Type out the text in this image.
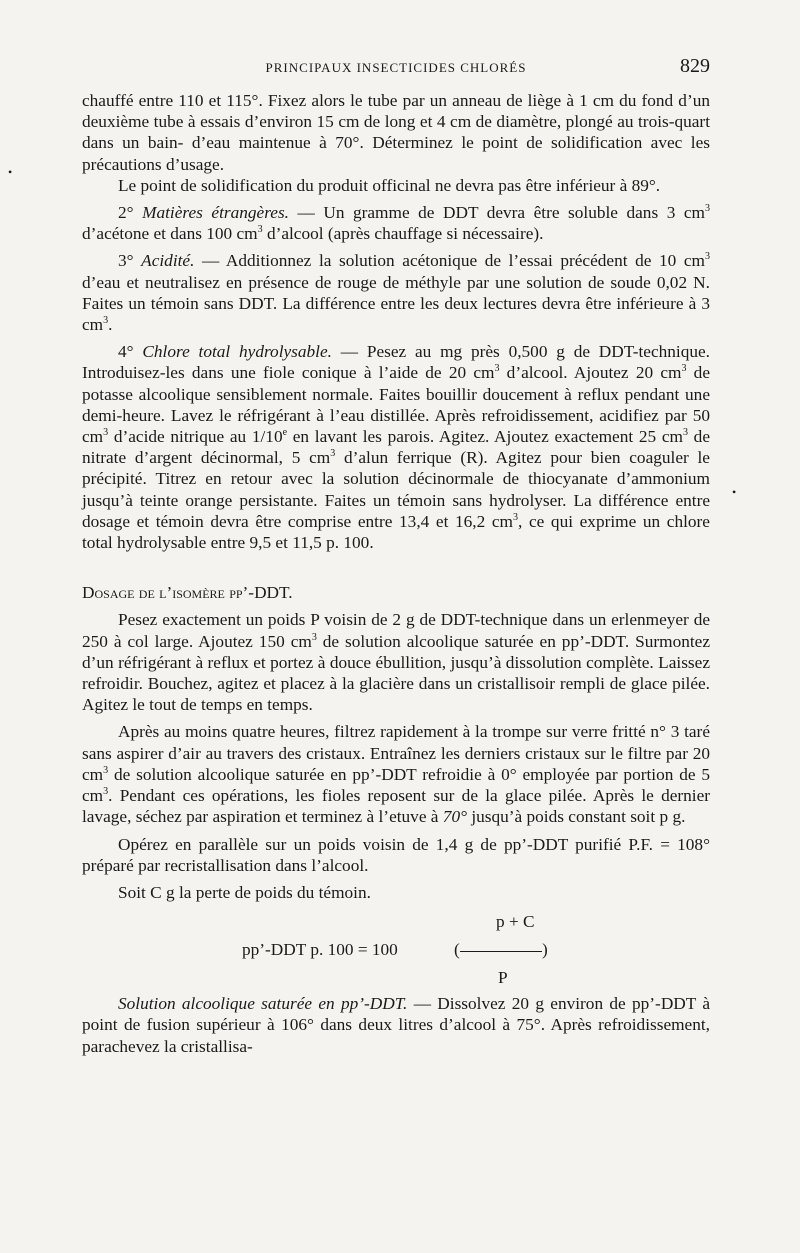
•
•
PRINCIPAUX INSECTICIDES CHLORÉS	829

chauffé entre 110 et 115°. Fixez alors le tube par un anneau de liège à 1 cm du fond d’un deuxième tube à essais d’environ 15 cm de long et 4 cm de diamètre, plongé au trois-quart dans un bain- d’eau maintenue à 70°. Déterminez le point de solidification avec les précautions d’usage.

Le point de solidification du produit officinal ne devra pas être inférieur à 89°.

2° Matières étrangères. — Un gramme de DDT devra être soluble dans 3 $cm^3$ d’acétone et dans 100 $cm^3$ d’alcool (après chauffage si nécessaire).

3° Acidité. — Additionnez la solution acétonique de l’essai précédent de 10 $cm^3$ d’eau et neutralisez en présence de rouge de méthyle par une solution de soude 0,02 N. Faites un témoin sans DDT. La différence entre les deux lectures devra être inférieure à 3 $cm^3$.

4° Chlore total hydrolysable. — Pesez au mg près 0,500 g de DDT-technique. Introduisez-les dans une fiole conique à l’aide de 20 $cm^3$ d’alcool. Ajoutez 20 $cm^3$ de potasse alcoolique sensiblement normale. Faites bouillir doucement à reflux pendant une demi-heure. Lavez le réfrigérant à l’eau distillée. Après refroidissement, acidifiez par 50 $cm^3$ d’acide nitrique au 1/10e en lavant les parois. Agitez. Ajoutez exactement 25 $cm^3$ de nitrate d’argent décinormal, 5 $cm^3$ d’alun ferrique (R). Agitez pour bien coaguler le précipité. Titrez en retour avec la solution décinormale de thiocyanate d’ammonium jusqu’à teinte orange persistante. Faites un témoin sans hydrolyser. La différence entre dosage et témoin devra être comprise entre 13,4 et 16,2 $cm^3$, ce qui exprime un chlore total hydrolysable entre 9,5 et 11,5 p. 100.

Dosage de l’isomère pp’-DDT.

Pesez exactement un poids P voisin de 2 g de DDT-technique dans un erlenmeyer de 250 à col large. Ajoutez 150 $cm^3$ de solution alcoolique saturée en pp’-DDT. Surmontez d’un réfrigérant à reflux et portez à douce ébullition, jusqu’à dissolution complète. Laissez refroidir. Bouchez, agitez et placez à la glacière dans un cristallisoir rempli de glace pilée. Agitez le tout de temps en temps.

Après au moins quatre heures, filtrez rapidement à la trompe sur verre fritté n° 3 taré sans aspirer d’air au travers des cristaux. Entraînez les derniers cristaux sur le filtre par 20 $cm^3$ de solution alcoolique saturée en pp’-DDT refroidie à 0° employée par portion de 5 $cm^3$. Pendant ces opérations, les fioles reposent sur de la glace pilée. Après le dernier lavage, séchez par aspiration et terminez à l’etuve à 70° jusqu’à poids constant soit p g.

Opérez en parallèle sur un poids voisin de 1,4 g de pp’-DDT purifié P.F. = 108° préparé par recristallisation dans l’alcool.

Soit C g la perte de poids du témoin.

pp’-DDT p. 100 = 100	(
p + C
)
P

Solution alcoolique saturée en pp’-DDT. — Dissolvez 20 g environ de pp’-DDT à point de fusion supérieur à 106° dans deux litres d’alcool à 75°. Après refroidissement, parachevez la cristallisa-
